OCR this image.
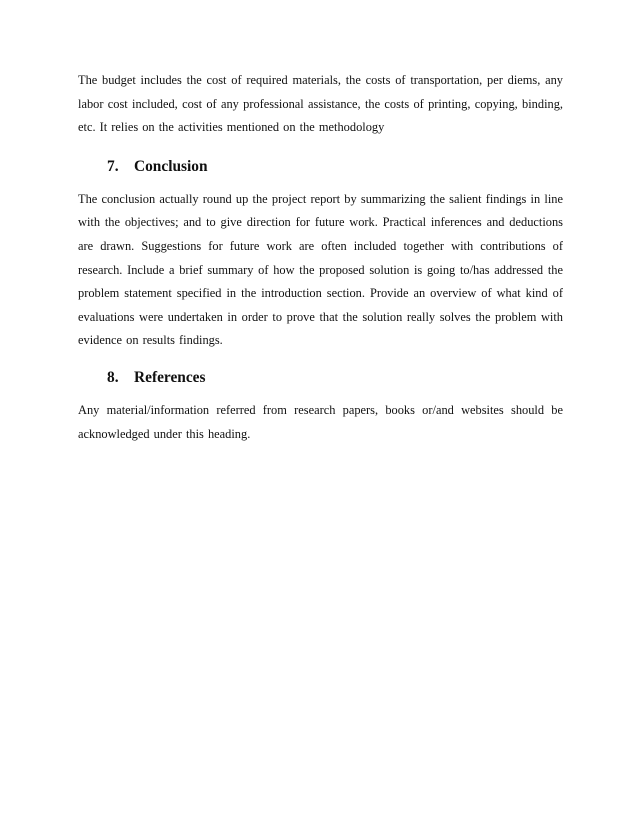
The budget includes the cost of required materials, the costs of transportation, per diems, any labor cost included, cost of any professional assistance, the costs of printing, copying, binding, etc. It relies on the activities mentioned on the methodology

7. Conclusion

The conclusion actually round up the project report by summarizing the salient findings in line with the objectives; and to give direction for future work. Practical inferences and deductions are drawn. Suggestions for future work are often included together with contributions of research. Include a brief summary of how the proposed solution is going to/has addressed the problem statement specified in the introduction section. Provide an overview of what kind of evaluations were undertaken in order to prove that the solution really solves the problem with evidence on results findings.

8. References

Any material/information referred from research papers, books or/and websites should be acknowledged under this heading.
